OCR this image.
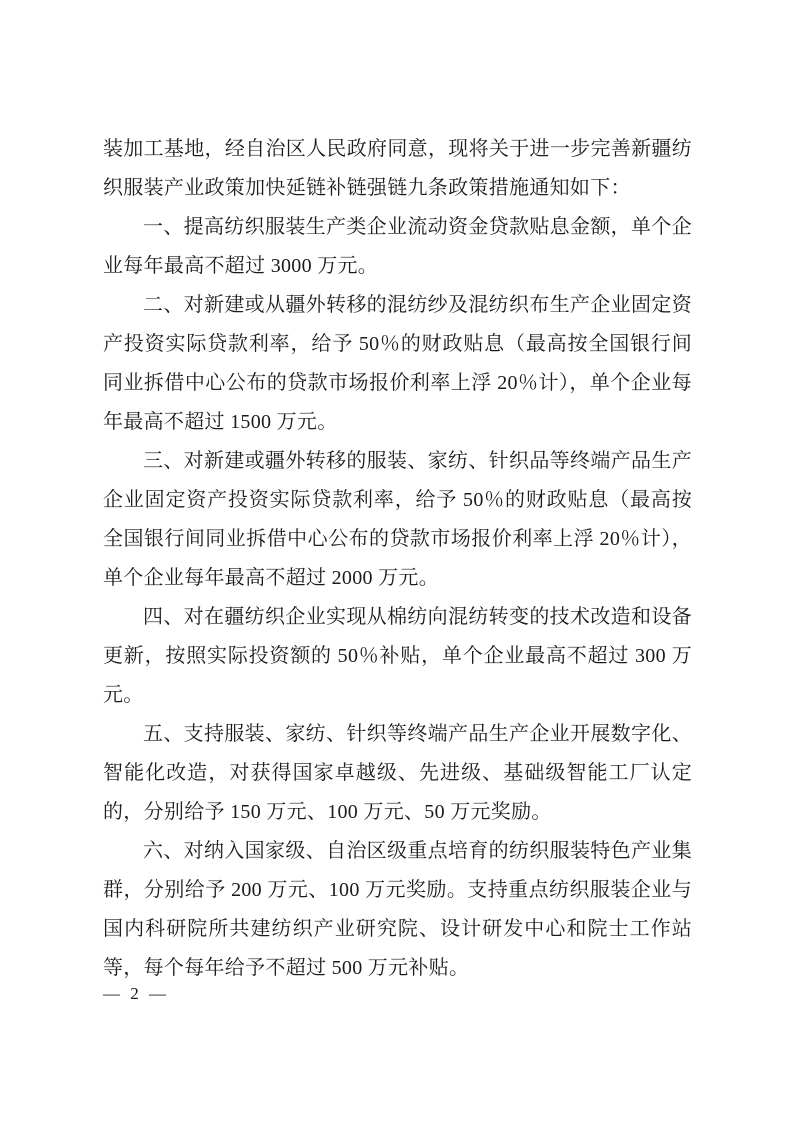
装加工基地，经自治区人民政府同意，现将关于进一步完善新疆纺织服装产业政策加快延链补链强链九条政策措施通知如下：

一、提高纺织服装生产类企业流动资金贷款贴息金额，单个企业每年最高不超过 3000 万元。

二、对新建或从疆外转移的混纺纱及混纺织布生产企业固定资产投资实际贷款利率，给予 50％的财政贴息（最高按全国银行间同业拆借中心公布的贷款市场报价利率上浮 20％计），单个企业每年最高不超过 1500 万元。

三、对新建或疆外转移的服装、家纺、针织品等终端产品生产企业固定资产投资实际贷款利率，给予 50％的财政贴息（最高按全国银行间同业拆借中心公布的贷款市场报价利率上浮 20％计），单个企业每年最高不超过 2000 万元。

四、对在疆纺织企业实现从棉纺向混纺转变的技术改造和设备更新，按照实际投资额的 50％补贴，单个企业最高不超过 300 万元。

五、支持服装、家纺、针织等终端产品生产企业开展数字化、智能化改造，对获得国家卓越级、先进级、基础级智能工厂认定的，分别给予 150 万元、100 万元、50 万元奖励。

六、对纳入国家级、自治区级重点培育的纺织服装特色产业集群，分别给予 200 万元、100 万元奖励。支持重点纺织服装企业与国内科研院所共建纺织产业研究院、设计研发中心和院士工作站等，每个每年给予不超过 500 万元补贴。

— 2 —
